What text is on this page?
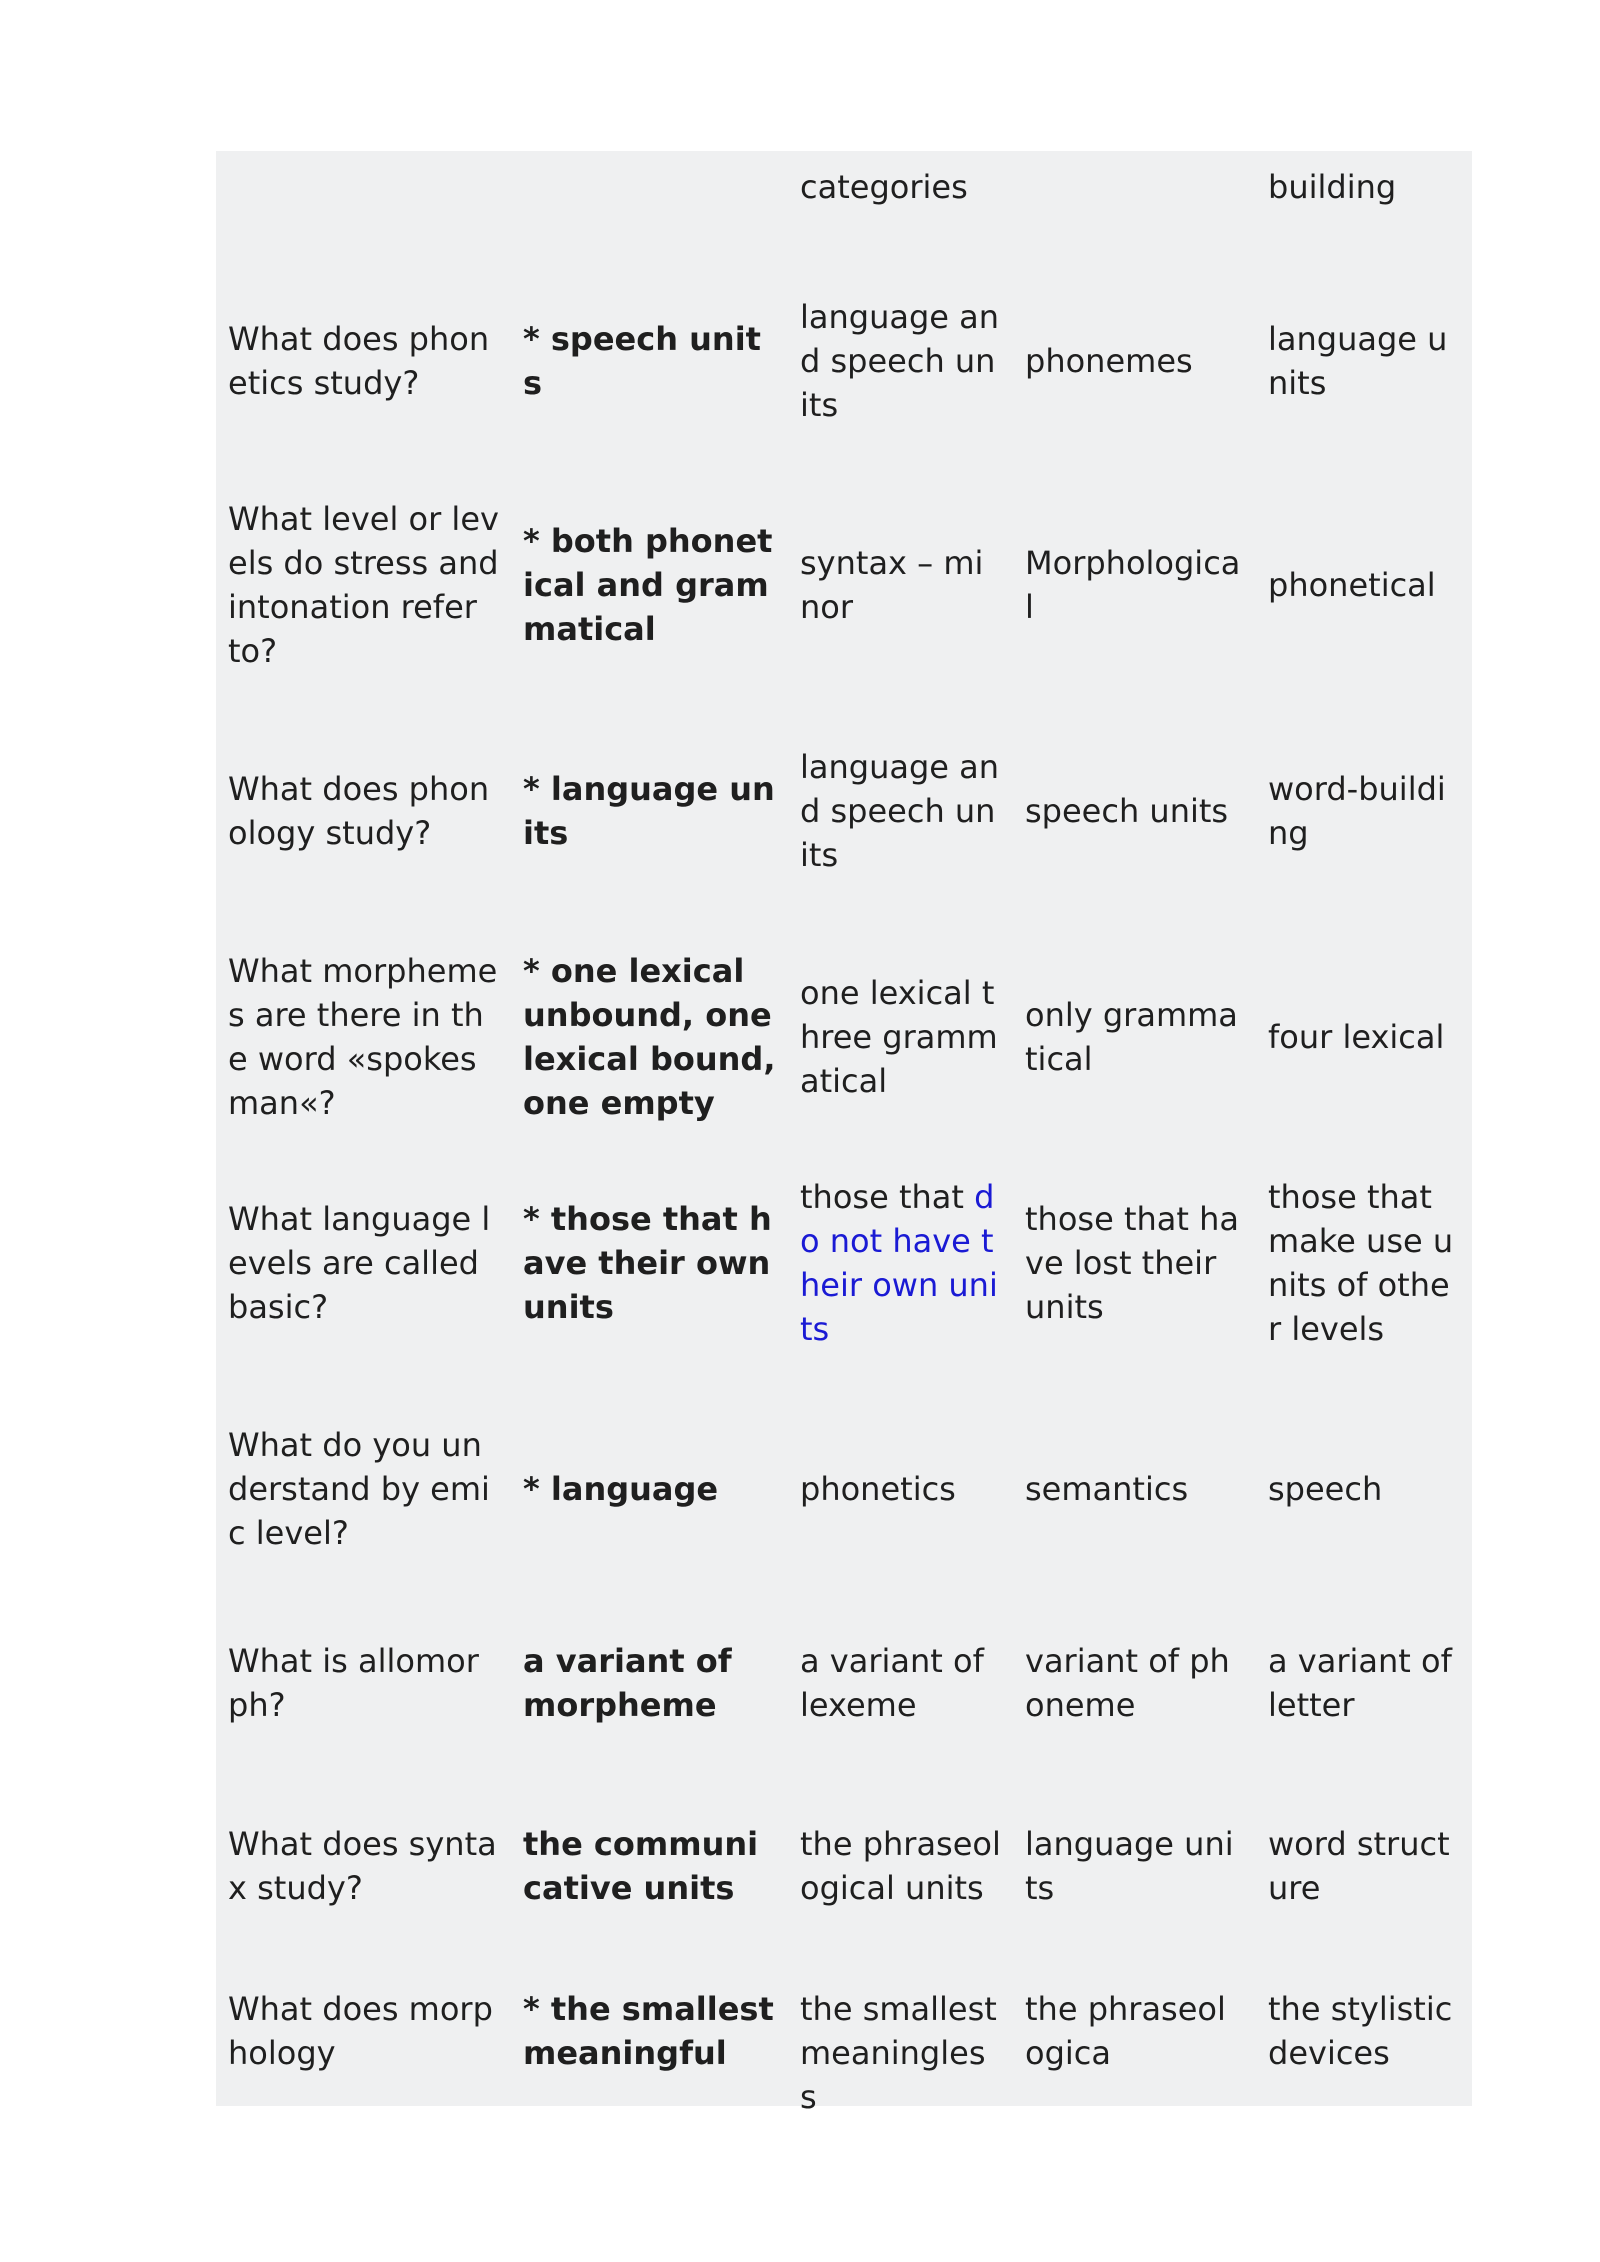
		categories		building
What does phonetics study?	* speech units	language and speech units	phonemes	language units
What level or levels do stress and intonation refer to?	* both phonetical and grammatical	syntax – minor	Morphological	phonetical
What does phonology study?	* language units	language and speech units	speech units	word-building
What morphemes are there in the word «spokesman«?	* one lexical unbound, one lexical bound, one empty	one lexical three grammatical	only grammatical	four lexical
What language levels are called basic?	* those that have their own units	those that do not have their own units	those that have lost their units	those that make use units of other levels
What do you understand by emic level?	* language	phonetics	semantics	speech
What is allomorph?	a variant of morpheme	a variant of lexeme	variant of phoneme	a variant of letter
What does syntax study?	the communicative units	the phraseological units	language units	word structure
What does morphology	* the smallest meaningful	the smallest meaningless	the phraseologica	the stylistic devices
